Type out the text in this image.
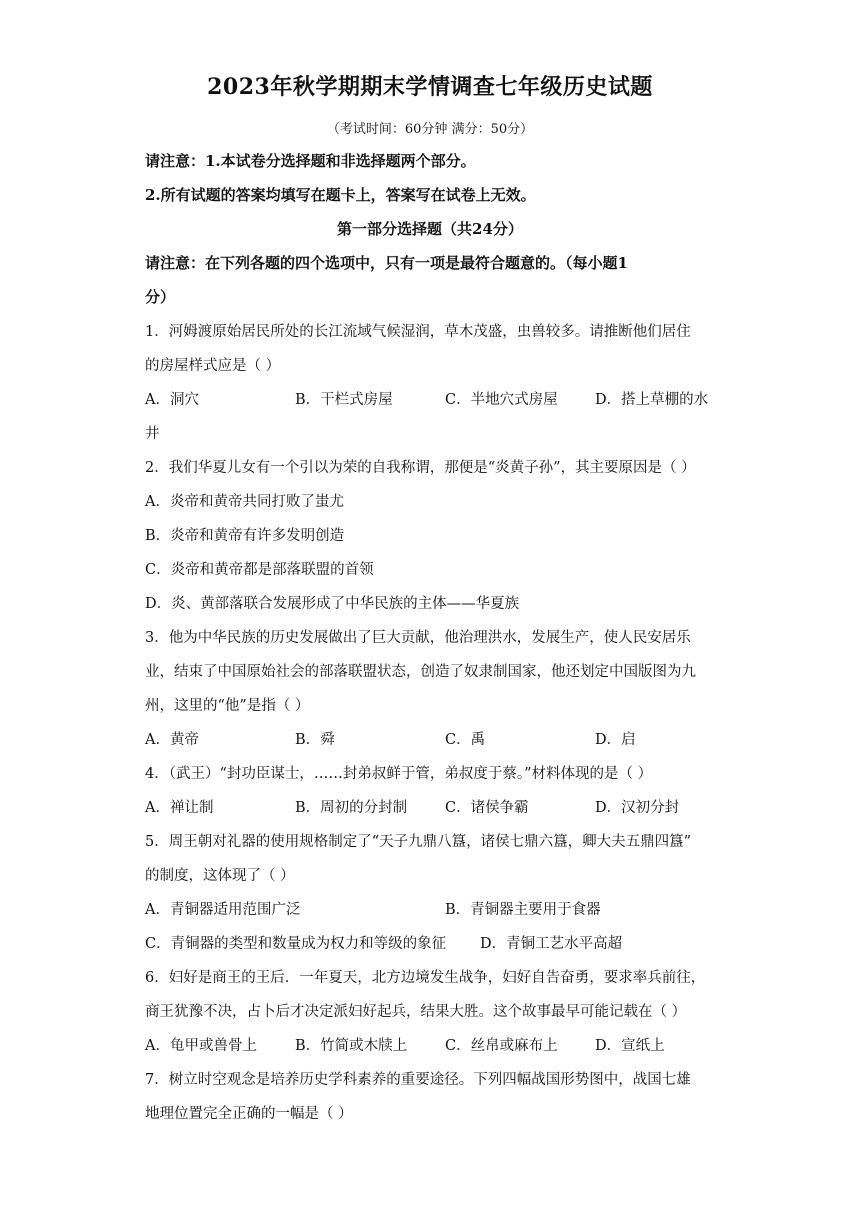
2023年秋学期期末学情调查七年级历史试题
（考试时间：60分钟 满分：50分）
请注意：1.本试卷分选择题和非选择题两个部分。
2.所有试题的答案均填写在题卡上，答案写在试卷上无效。
第一部分选择题（共24分）
请注意：在下列各题的四个选项中，只有一项是最符合题意的。（每小题1
分）
1．河姆渡原始居民所处的长江流域气候湿润，草木茂盛，虫兽较多。请推断他们居住
的房屋样式应是（ ）
A．洞穴	B．干栏式房屋	C．半地穴式房屋	D．搭上草棚的水
井
2．我们华夏儿女有一个引以为荣的自我称谓，那便是“炎黄子孙”，其主要原因是（ ）
A．炎帝和黄帝共同打败了蚩尤
B．炎帝和黄帝有许多发明创造
C．炎帝和黄帝都是部落联盟的首领
D．炎、黄部落联合发展形成了中华民族的主体——华夏族
3．他为中华民族的历史发展做出了巨大贡献，他治理洪水，发展生产，使人民安居乐
业，结束了中国原始社会的部落联盟状态，创造了奴隶制国家，他还划定中国版图为九
州，这里的“他”是指（ ）
A．黄帝	B．舜	C．禹	D．启
4．（武王）“封功臣谋士，……封弟叔鲜于管，弟叔度于蔡。”材料体现的是（ ）
A．禅让制	B．周初的分封制	C．诸侯争霸	D．汉初分封
5．周王朝对礼器的使用规格制定了“天子九鼎八簋，诸侯七鼎六簋，卿大夫五鼎四簋”
的制度，这体现了（ ）
A．青铜器适用范围广泛	B．青铜器主要用于食器
C．青铜器的类型和数量成为权力和等级的象征 D．青铜工艺水平高超
6．妇好是商王的王后．一年夏天，北方边境发生战争，妇好自告奋勇，要求率兵前往，
商王犹豫不决，占卜后才决定派妇好起兵，结果大胜。这个故事最早可能记载在（ ）
A．龟甲或兽骨上	B．竹简或木牍上	C．丝帛或麻布上	D．宣纸上
7．树立时空观念是培养历史学科素养的重要途径。下列四幅战国形势图中，战国七雄
地理位置完全正确的一幅是（ ）
